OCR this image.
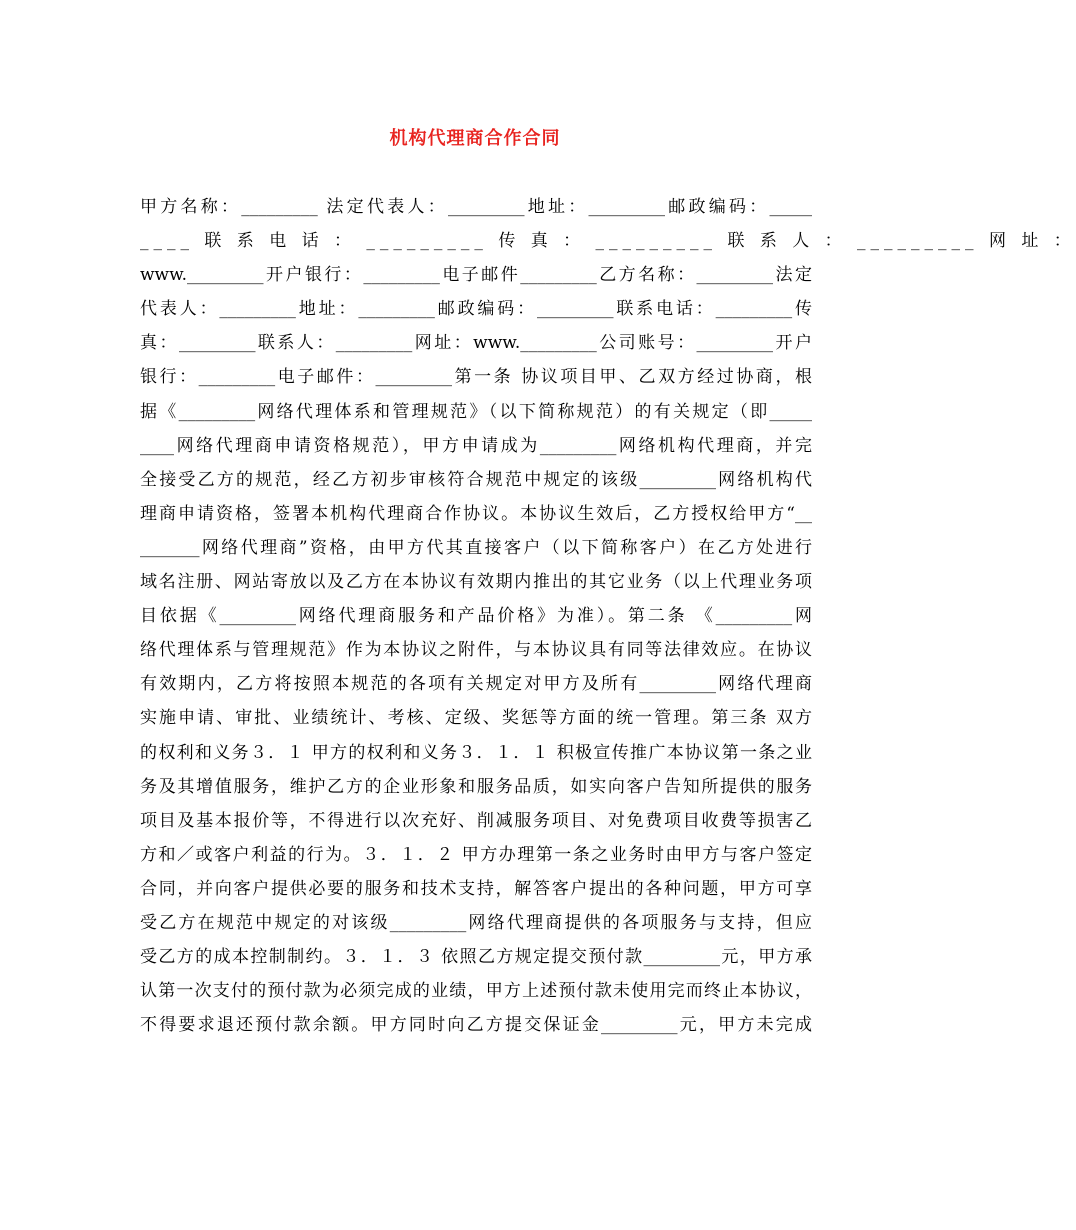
机构代理商合作合同

甲方名称：_________ 法定代表人：_________地址：_________邮政编码：_____

____ 联 系 电 话 ： _________ 传 真 ： _________ 联 系 人 ： _________ 网 址 ：

www._________开户银行：_________电子邮件_________乙方名称：_________法定

代表人：_________地址：_________邮政编码：_________联系电话：_________传

真：_________联系人：_________网址：www._________公司账号：_________开户

银行：_________电子邮件：_________第一条 协议项目甲、乙双方经过协商，根

据《_________网络代理体系和管理规范》（以下简称规范）的有关规定（即_____

____网络代理商申请资格规范），甲方申请成为_________网络机构代理商，并完

全接受乙方的规范，经乙方初步审核符合规范中规定的该级_________网络机构代

理商申请资格，签署本机构代理商合作协议。本协议生效后，乙方授权给甲方“__

_______网络代理商”资格，由甲方代其直接客户（以下简称客户）在乙方处进行

域名注册、网站寄放以及乙方在本协议有效期内推出的其它业务（以上代理业务项

目依据《_________网络代理商服务和产品价格》为准）。第二条 《_________网

络代理体系与管理规范》作为本协议之附件，与本协议具有同等法律效应。在协议

有效期内，乙方将按照本规范的各项有关规定对甲方及所有_________网络代理商

实施申请、审批、业绩统计、考核、定级、奖惩等方面的统一管理。第三条 双方

的权利和义务３．１ 甲方的权利和义务３．１．１ 积极宣传推广本协议第一条之业

务及其增值服务，维护乙方的企业形象和服务品质，如实向客户告知所提供的服务

项目及基本报价等，不得进行以次充好、削减服务项目、对免费项目收费等损害乙

方和／或客户利益的行为。３．１．２ 甲方办理第一条之业务时由甲方与客户签定

合同，并向客户提供必要的服务和技术支持，解答客户提出的各种问题，甲方可享

受乙方在规范中规定的对该级_________网络代理商提供的各项服务与支持，但应

受乙方的成本控制制约。３．１．３ 依照乙方规定提交预付款_________元，甲方承

认第一次支付的预付款为必须完成的业绩，甲方上述预付款未使用完而终止本协议，

不得要求退还预付款余额。甲方同时向乙方提交保证金_________元，甲方未完成
